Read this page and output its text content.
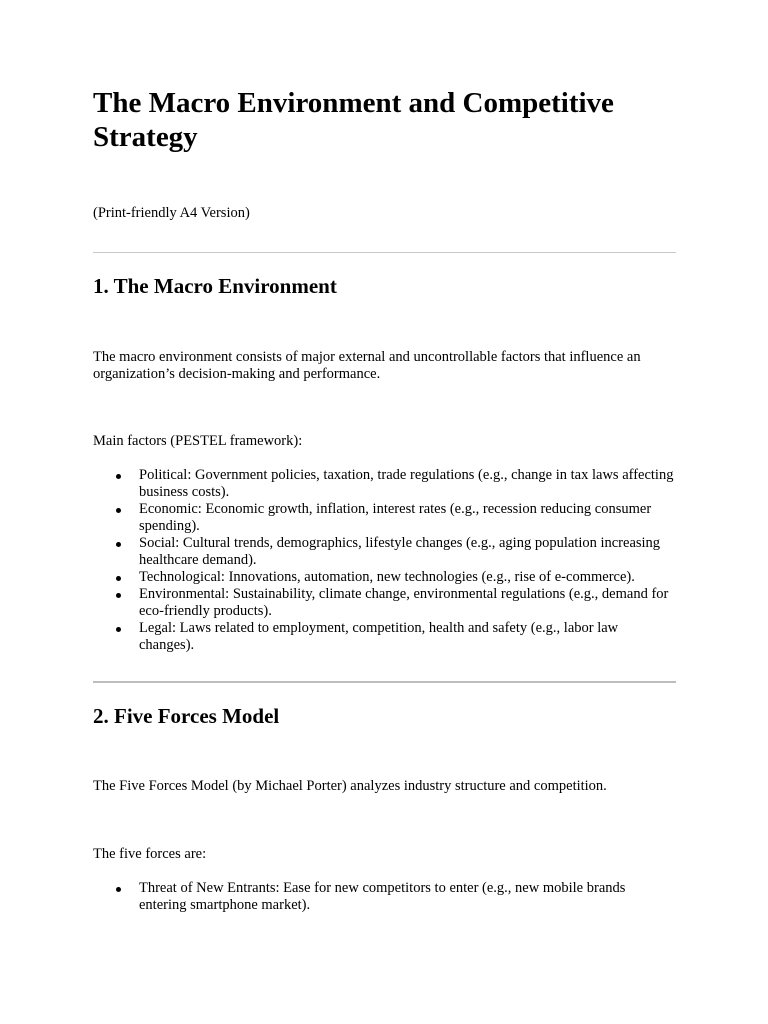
The Macro Environment and Competitive Strategy

(Print-friendly A4 Version)

1. The Macro Environment

The macro environment consists of major external and uncontrollable factors that influence an organization’s decision-making and performance.

Main factors (PESTEL framework):

Political: Government policies, taxation, trade regulations (e.g., change in tax laws affecting business costs).
Economic: Economic growth, inflation, interest rates (e.g., recession reducing consumer spending).
Social: Cultural trends, demographics, lifestyle changes (e.g., aging population increasing healthcare demand).
Technological: Innovations, automation, new technologies (e.g., rise of e-commerce).
Environmental: Sustainability, climate change, environmental regulations (e.g., demand for eco-friendly products).
Legal: Laws related to employment, competition, health and safety (e.g., labor law changes).
2. Five Forces Model

The Five Forces Model (by Michael Porter) analyzes industry structure and competition.

The five forces are:

Threat of New Entrants: Ease for new competitors to enter (e.g., new mobile brands entering smartphone market).
